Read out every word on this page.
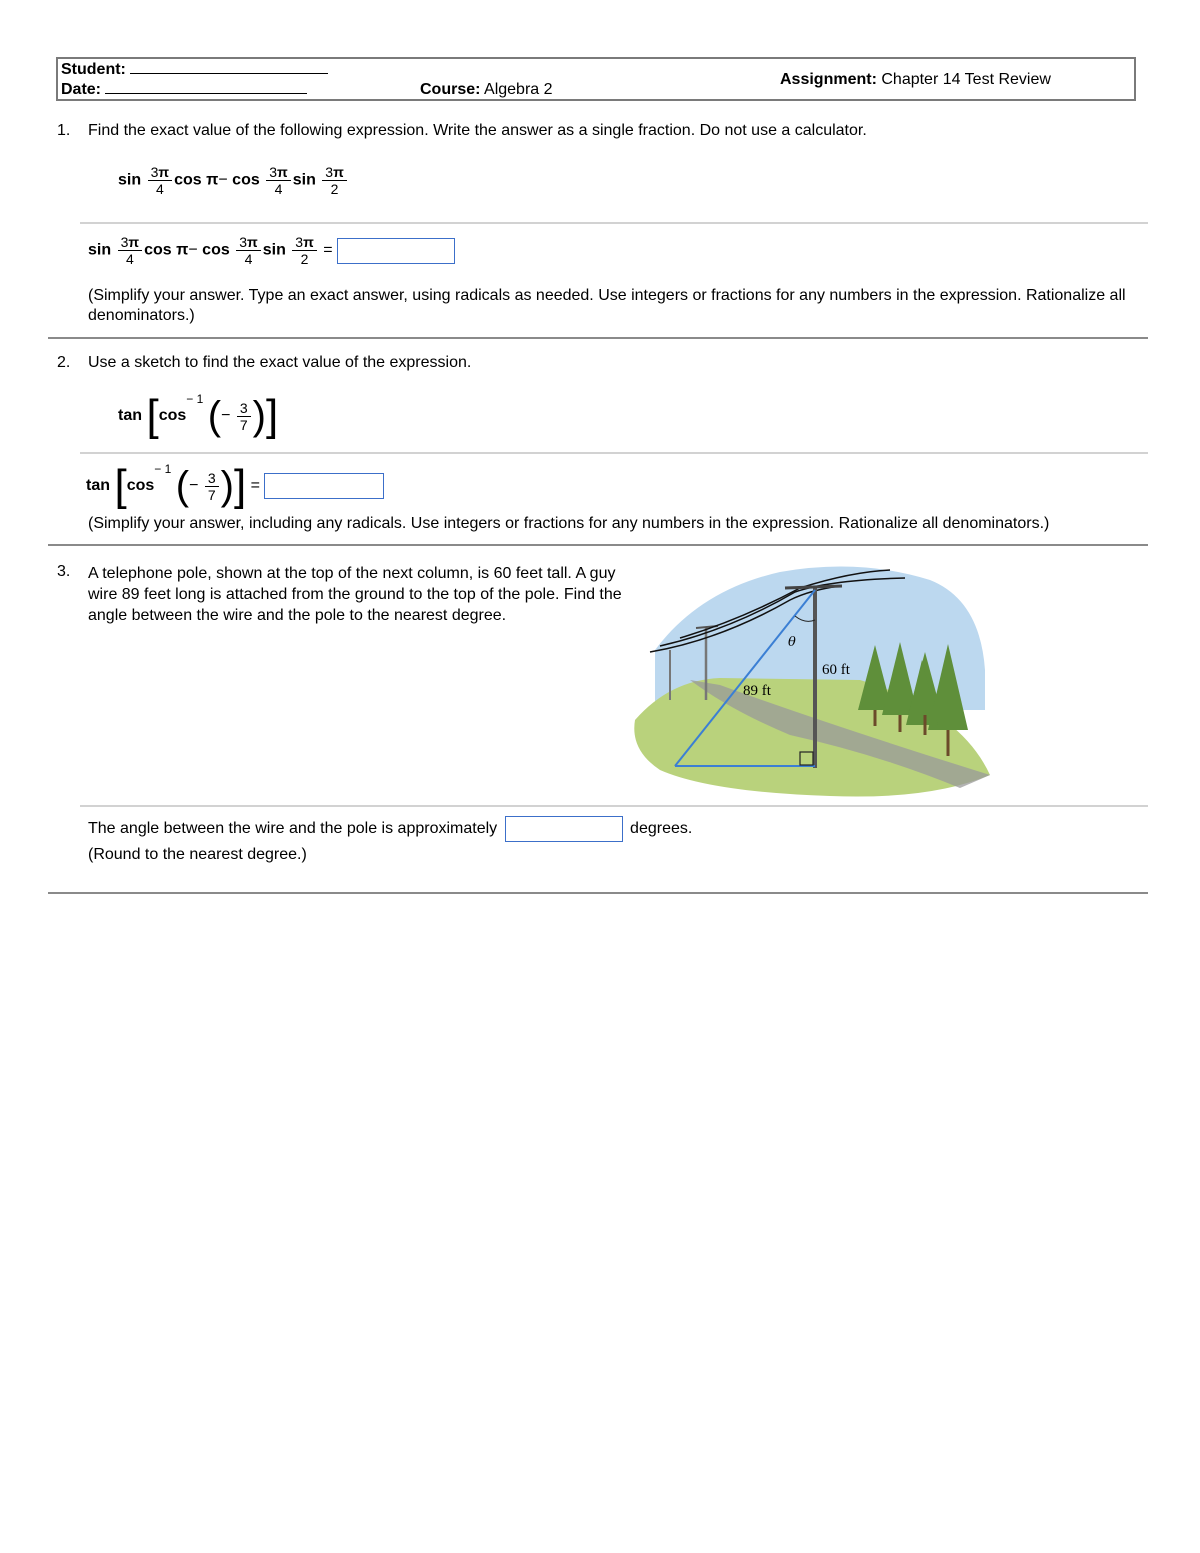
Student:
Date:	Course: Algebra 2
Assignment: Chapter 14 Test Review
1. Find the exact value of the following expression. Write the answer as a single fraction. Do not use a calculator.
$\sin \frac{3\pi}{4}$ $\cos \pi- \cos \frac{3\pi}{4}$ $\sin \frac{3\pi}{2}$
$\sin \frac{3\pi}{4}$ $\cos \pi- \cos \frac{3\pi}{4}$ $\sin \frac{3\pi}{2}$ =
(Simplify your answer. Type an exact answer, using radicals as needed. Use integers or fractions for any numbers in the expression. Rationalize all denominators.)
2. Use a sketch to find the exact value of the expression.
$\tan [\cos^{- 1}$ (− $\frac{3}{7}$ )]
$\tan [\cos^{- 1}$ (− $\frac{3}{7}$ )] =
(Simplify your answer, including any radicals. Use integers or fractions for any numbers in the expression. Rationalize all denominators.)
3. A telephone pole, shown at the top of the next column, is 60 feet tall. A guy wire 89 feet long is attached from the ground to the top of the pole. Find the angle between the wire and the pole to the nearest degree.
θ
60 ft
89 ft
The angle between the wire and the pole is approximately	degrees.
(Round to the nearest degree.)
